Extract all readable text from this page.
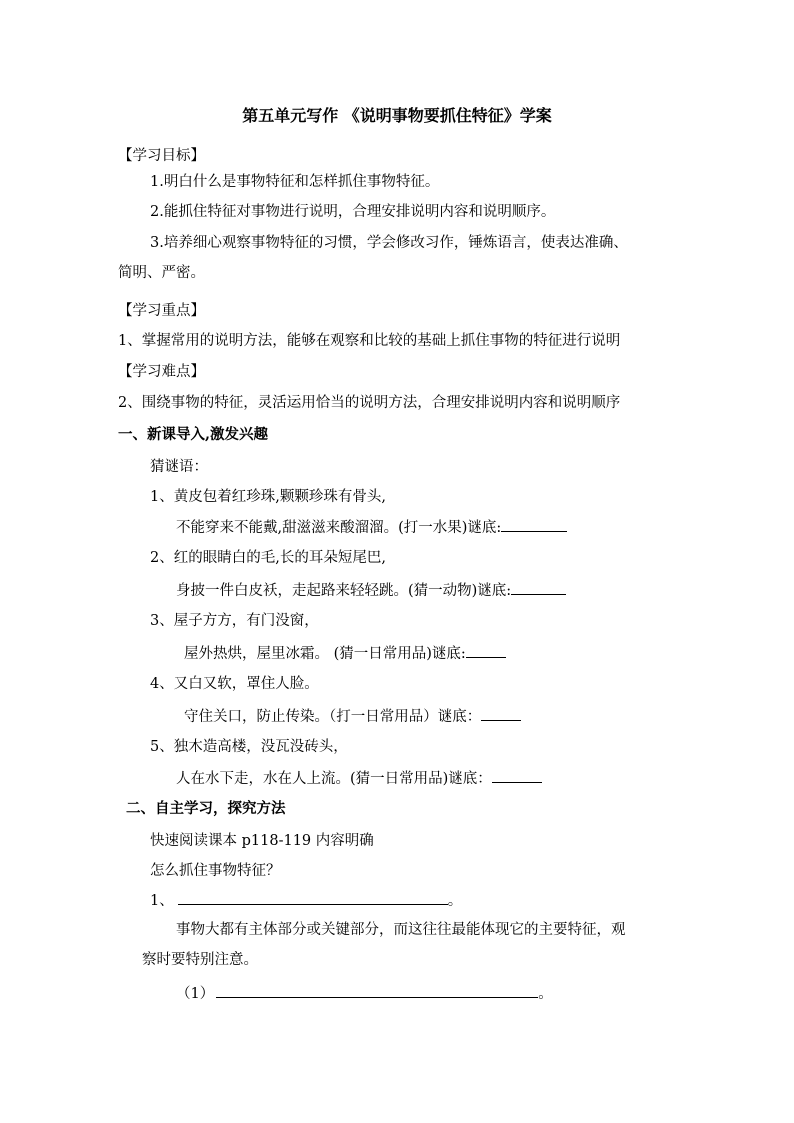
第五单元写作 《说明事物要抓住特征》学案
【学习目标】
1.明白什么是事物特征和怎样抓住事物特征。
2.能抓住特征对事物进行说明，合理安排说明内容和说明顺序。
3.培养细心观察事物特征的习惯，学会修改习作，锤炼语言，使表达准确、
简明、严密。
【学习重点】
1、掌握常用的说明方法，能够在观察和比较的基础上抓住事物的特征进行说明
【学习难点】
2、围绕事物的特征，灵活运用恰当的说明方法，合理安排说明内容和说明顺序
一、新课导入,激发兴趣
猜谜语：
1、黄皮包着红珍珠,颗颗珍珠有骨头,
不能穿来不能戴,甜滋滋来酸溜溜。(打一水果)谜底:
2、红的眼睛白的毛,长的耳朵短尾巴,
身披一件白皮袄，走起路来轻轻跳。(猜一动物)谜底:
3、屋子方方，有门没窗，
屋外热烘，屋里冰霜。 (猜一日常用品)谜底:
4、又白又软，罩住人脸。
守住关口，防止传染。（打一日常用品）谜底：
5、独木造高楼，没瓦没砖头，
人在水下走，水在人上流。(猜一日常用品)谜底：
二、自主学习，探究方法
快速阅读课本 p118-119 内容明确
怎么抓住事物特征？
1、	。
事物大都有主体部分或关键部分，而这往往最能体现它的主要特征，观
察时要特别注意。
（1）	。
